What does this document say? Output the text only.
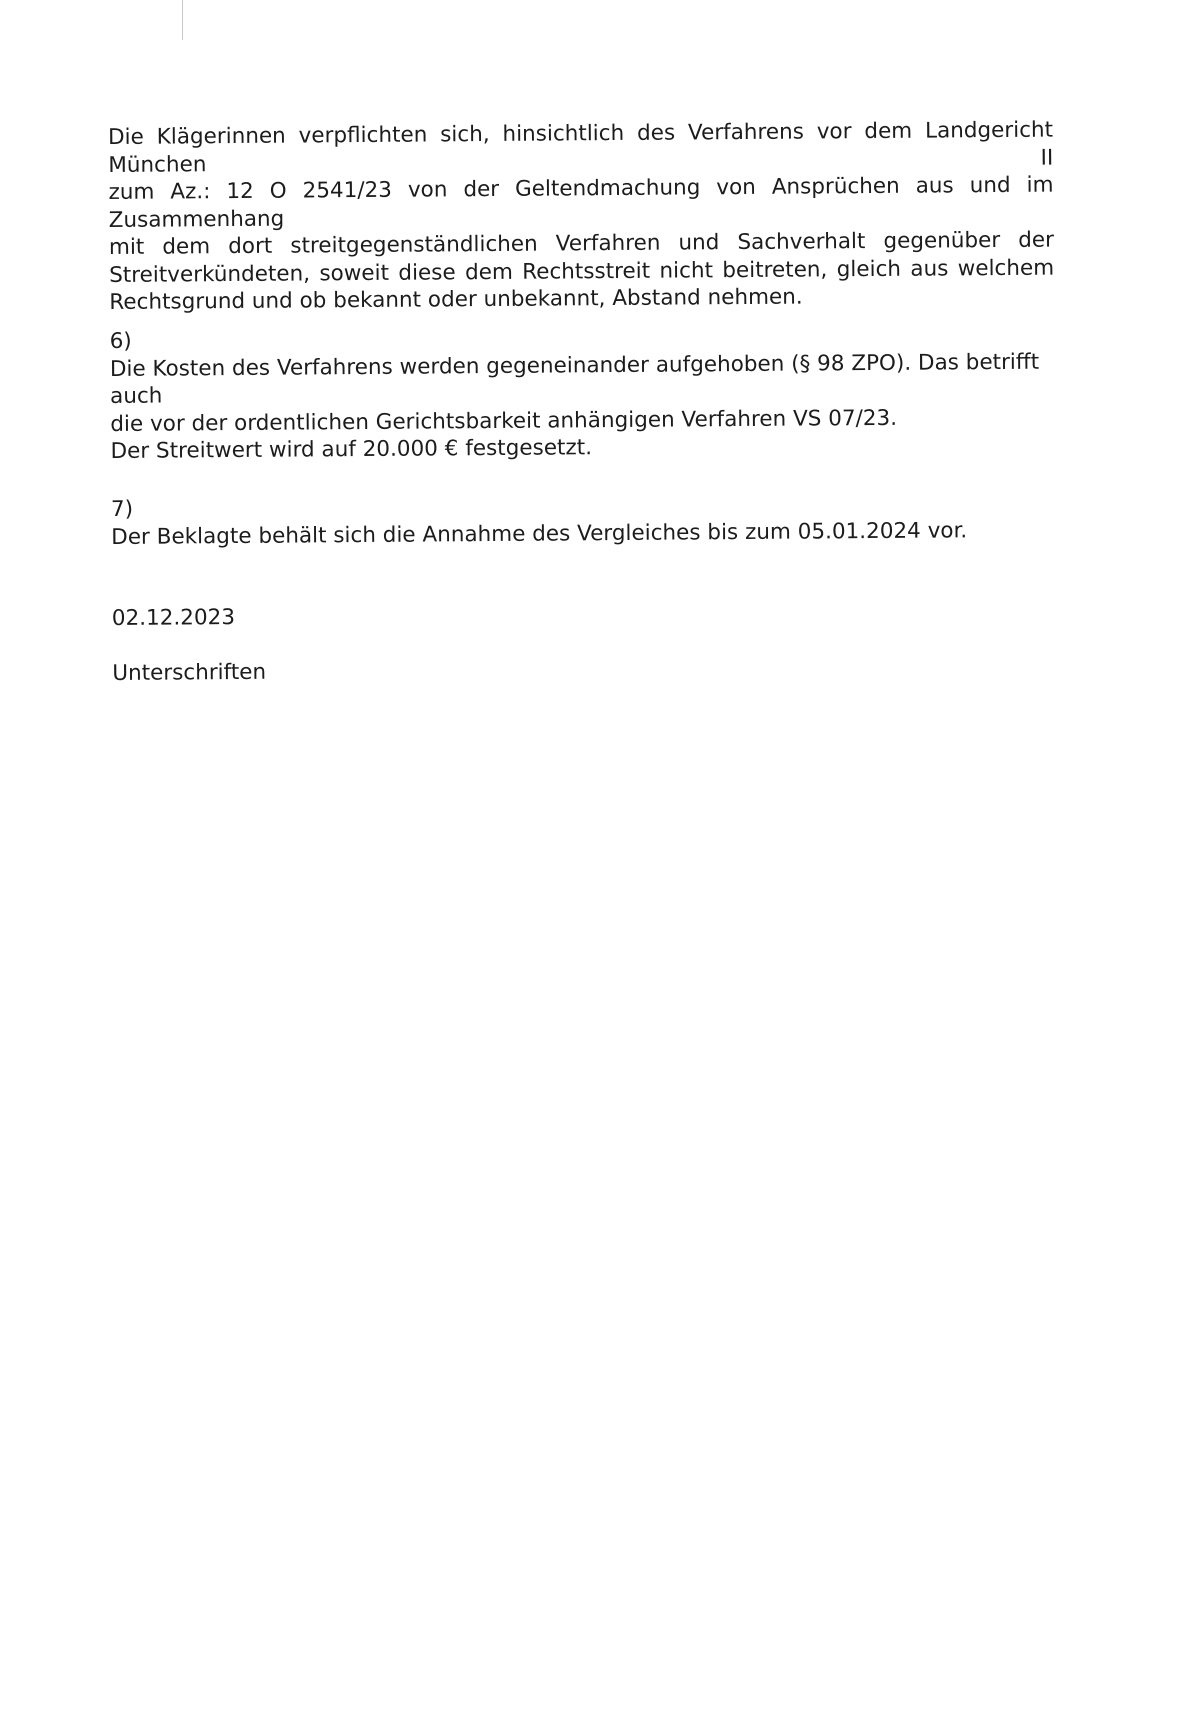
Die Klägerinnen verpflichten sich, hinsichtlich des Verfahrens vor dem Landgericht München II
zum Az.: 12 O 2541/23 von der Geltendmachung von Ansprüchen aus und im Zusammenhang
mit dem dort streitgegenständlichen Verfahren und Sachverhalt gegenüber der
Streitverkündeten, soweit diese dem Rechtsstreit nicht beitreten, gleich aus welchem
Rechtsgrund und ob bekannt oder unbekannt, Abstand nehmen.
6)
Die Kosten des Verfahrens werden gegeneinander aufgehoben (§ 98 ZPO). Das betrifft auch
die vor der ordentlichen Gerichtsbarkeit anhängigen Verfahren VS 07/23.
Der Streitwert wird auf 20.000 € festgesetzt.
7)
Der Beklagte behält sich die Annahme des Vergleiches bis zum 05.01.2024 vor.
02.12.2023
Unterschriften
